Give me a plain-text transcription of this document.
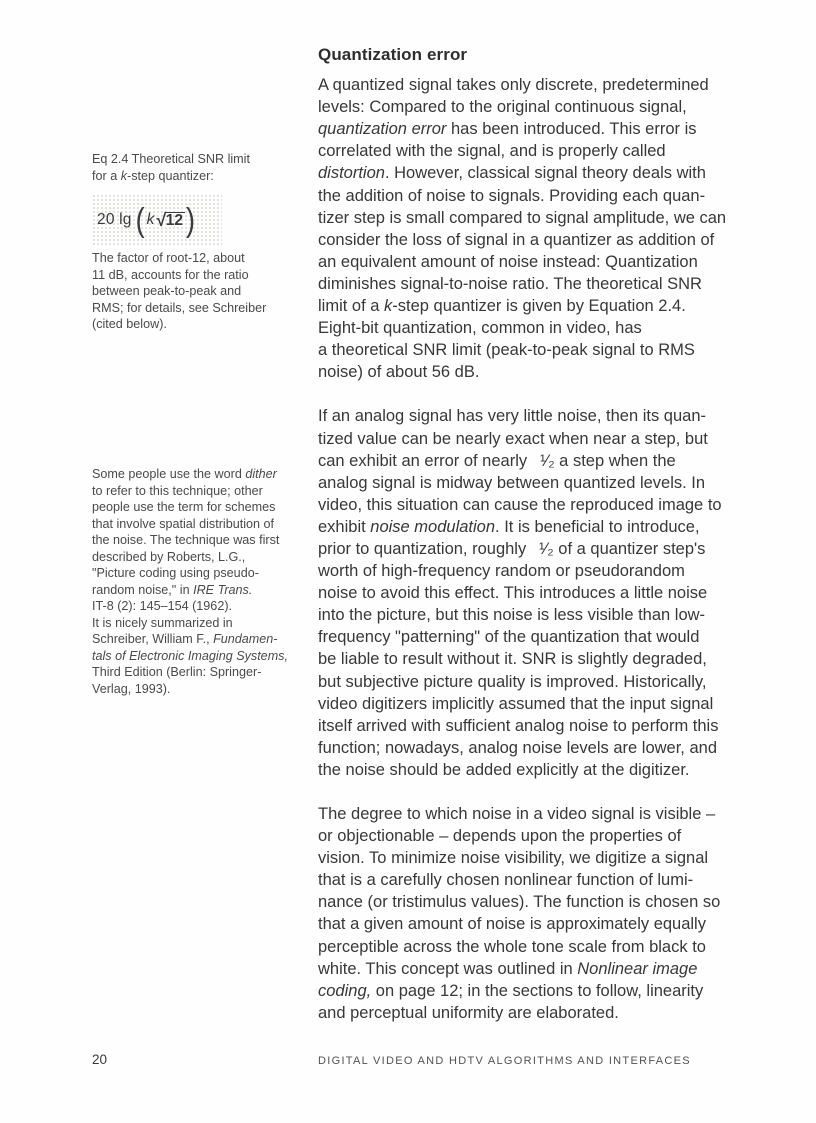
Eq 2.4 Theoretical SNR limit
for a k-step quantizer:
20 lg ( k √ 12 )
The factor of root-12, about
11 dB, accounts for the ratio
between peak-to-peak and
RMS; for details, see Schreiber
(cited below).
Some people use the word dither
to refer to this technique; other
people use the term for schemes
that involve spatial distribution of
the noise. The technique was first
described by Roberts, L.G.,
"Picture coding using pseudo-
random noise," in IRE Trans.
IT-8 (2): 145–154 (1962).
It is nicely summarized in
Schreiber, William F., Fundamen-
tals of Electronic Imaging Systems,
Third Edition (Berlin: Springer-
Verlag, 1993).
Quantization error
A quantized signal takes only discrete, predetermined
levels: Compared to the original continuous signal,
quantization error has been introduced. This error is
correlated with the signal, and is properly called
distortion. However, classical signal theory deals with
the addition of noise to signals. Providing each quan-
tizer step is small compared to signal amplitude, we can
consider the loss of signal in a quantizer as addition of
an equivalent amount of noise instead: Quantization
diminishes signal-to-noise ratio. The theoretical SNR
limit of a k-step quantizer is given by Equation 2.4.
Eight-bit quantization, common in video, has
a theoretical SNR limit (peak-to-peak signal to RMS
noise) of about 56 dB.
If an analog signal has very little noise, then its quan-
tized value can be nearly exact when near a step, but
can exhibit an error of nearly  ¹⁄₂ a step when the
analog signal is midway between quantized levels. In
video, this situation can cause the reproduced image to
exhibit noise modulation. It is beneficial to introduce,
prior to quantization, roughly  ¹⁄₂ of a quantizer step's
worth of high-frequency random or pseudorandom
noise to avoid this effect. This introduces a little noise
into the picture, but this noise is less visible than low-
frequency "patterning" of the quantization that would
be liable to result without it. SNR is slightly degraded,
but subjective picture quality is improved. Historically,
video digitizers implicitly assumed that the input signal
itself arrived with sufficient analog noise to perform this
function; nowadays, analog noise levels are lower, and
the noise should be added explicitly at the digitizer.
The degree to which noise in a video signal is visible –
or objectionable – depends upon the properties of
vision. To minimize noise visibility, we digitize a signal
that is a carefully chosen nonlinear function of lumi-
nance (or tristimulus values). The function is chosen so
that a given amount of noise is approximately equally
perceptible across the whole tone scale from black to
white. This concept was outlined in Nonlinear image
coding, on page 12; in the sections to follow, linearity
and perceptual uniformity are elaborated.
20	DIGITAL VIDEO AND HDTV ALGORITHMS AND INTERFACES
